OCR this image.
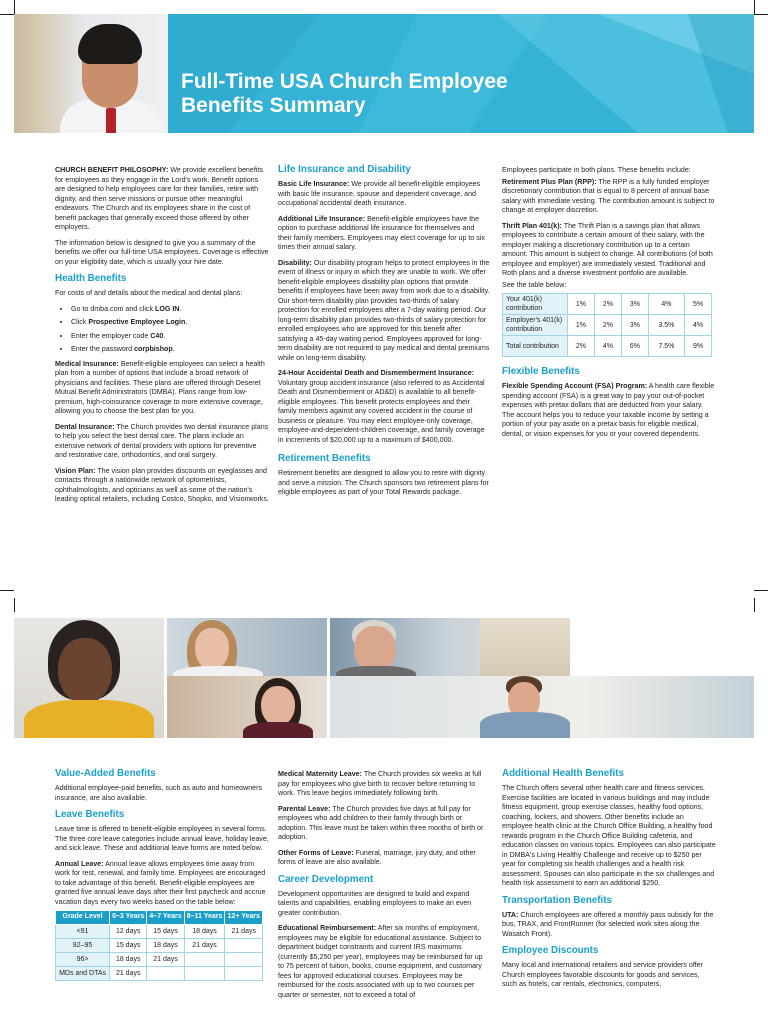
Full-Time USA Church Employee
Benefits Summary

CHURCH BENEFIT PHILOSOPHY: We provide excellent benefits for employees as they engage in the Lord's work. Benefit options are designed to help employees care for their families, retire with dignity, and then serve missions or pursue other meaningful endeavors. The Church and its employees share in the cost of benefit packages that generally exceed those offered by other employers.

The information below is designed to give you a summary of the benefits we offer our full-time USA employees. Coverage is effective on your eligibility date, which is usually your hire date.

Health Benefits

For costs of and details about the medical and dental plans:

• Go to dmba.com and click LOG IN.
• Click Prospective Employee Login.
• Enter the employer code C40.
• Enter the password corpbishop.

Medical Insurance: Benefit-eligible employees can select a health plan from a number of options that include a broad network of physicians and facilities. These plans are offered through Deseret Mutual Benefit Administrators (DMBA). Plans range from low-premium, high-coinsurance coverage to more extensive coverage, allowing you to choose the best plan for you.

Dental Insurance: The Church provides two dental insurance plans to help you select the best dental care. The plans include an extensive network of dental providers with options for preventive and restorative care, orthodontics, and oral surgery.

Vision Plan: The vision plan provides discounts on eyeglasses and contacts through a nationwide network of optometrists, ophthalmologists, and opticians as well as some of the nation's leading optical retailers, including Costco, Shopko, and Visionworks.

Life Insurance and Disability

Basic Life Insurance: We provide all benefit-eligible employees with basic life insurance, spouse and dependent coverage, and occupational accidental death insurance.

Additional Life Insurance: Benefit-eligible employees have the option to purchase additional life insurance for themselves and their family members. Employees may elect coverage for up to six times their annual salary.

Disability: Our disability program helps to protect employees in the event of illness or injury in which they are unable to work. We offer benefit-eligible employees disability plan options that provide benefits if employees have been away from work due to a disability. Our short-term disability plan provides two-thirds of salary protection for enrolled employees after a 7-day waiting period. Our long-term disability plan provides two-thirds of salary protection for enrolled employees who are approved for this benefit after satisfying a 45-day waiting period. Employees approved for long-term disability are not required to pay medical and dental premiums while on long-term disability.

24-Hour Accidental Death and Dismemberment Insurance: Voluntary group accident insurance (also referred to as Accidental Death and Dismemberment or AD&D) is available to all benefit-eligible employees. This benefit protects employees and their family members against any covered accident in the course of business or pleasure. You may elect employee-only coverage, employee-and-dependent-children coverage, and family coverage in increments of $20,000 up to a maximum of $400,000.

Retirement Benefits

Retirement benefits are designed to allow you to retire with dignity and serve a mission. The Church sponsors two retirement plans for eligible employees as part of your Total Rewards package.

Employees participate in both plans. These benefits include:

Retirement Plus Plan (RPP): The RPP is a fully funded employer discretionary contribution that is equal to 8 percent of annual base salary with immediate vesting. The contribution amount is subject to change at employer discretion.

Thrift Plan 401(k): The Thrift Plan is a savings plan that allows employees to contribute a certain amount of their salary, with the employer making a discretionary contribution up to a certain amount. This amount is subject to change. All contributions (of both employee and employer) are immediately vested. Traditional and Roth plans and a diverse investment portfolio are available.

See the table below:

Your 401(k) contribution	1%	2%	3%	4%	5%
Employer's 401(k) contribution	1%	2%	3%	3.5%	4%
Total contribution	2%	4%	6%	7.5%	9%
Flexible Benefits

Flexible Spending Account (FSA) Program: A health care flexible spending account (FSA) is a great way to pay your out-of-pocket expenses with pretax dollars that are deducted from your salary. The account helps you to reduce your taxable income by setting a portion of your pay aside on a pretax basis for eligible medical, dental, or vision expenses for you or your covered dependents.

Value-Added Benefits

Additional employee-paid benefits, such as auto and homeowners insurance, are also available.

Leave Benefits

Leave time is offered to benefit-eligible employees in several forms. The three core leave categories include annual leave, holiday leave, and sick leave. These and additional leave forms are noted below.

Annual Leave: Annual leave allows employees time away from work for rest, renewal, and family time. Employees are encouraged to take advantage of this benefit. Benefit-eligible employees are granted five annual leave days after their first paycheck and accrue vacation days every two weeks based on the table below:

Grade Level	0–3 Years	4–7 Years	8–11 Years	12+ Years
<91	12 days	15 days	18 days	21 days
92–95	15 days	18 days	21 days	
96>	18 days	21 days		
MDs and DTAs	21 days			

Medical Maternity Leave: The Church provides six weeks at full pay for employees who give birth to recover before returning to work. This leave begins immediately following birth.

Parental Leave: The Church provides five days at full pay for employees who add children to their family through birth or adoption. This leave must be taken within three months of birth or adoption.

Other Forms of Leave: Funeral, marriage, jury duty, and other forms of leave are also available.

Career Development

Development opportunities are designed to build and expand talents and capabilities, enabling employees to make an even greater contribution.

Educational Reimbursement: After six months of employment, employees may be eligible for educational assistance. Subject to department budget constraints and current IRS maximums (currently $5,250 per year), employees may be reimbursed for up to 75 percent of tuition, books, course equipment, and customary fees for approved educational courses. Employees may be reimbursed for the costs associated with up to two courses per quarter or semester, not to exceed a total of

Additional Health Benefits

The Church offers several other health care and fitness services. Exercise facilities are located in various buildings and may include fitness equipment, group exercise classes, healthy food options, coaching, lockers, and showers. Other benefits include an employee health clinic at the Church Office Building, a healthy food rewards program in the Church Office Building cafeteria, and education classes on various topics. Employees can also participate in DMBA's Living Healthy Challenge and receive up to $250 per year for completing six health challenges and a health risk assessment. Spouses can also participate in the six challenges and health risk assessment to earn an additional $250.

Transportation Benefits

UTA: Church employees are offered a monthly pass subsidy for the bus, TRAX, and FrontRunner (for selected work sites along the Wasatch Front).

Employee Discounts

Many local and international retailers and service providers offer Church employees favorable discounts for goods and services, such as hotels, car rentals, electronics, computers,
